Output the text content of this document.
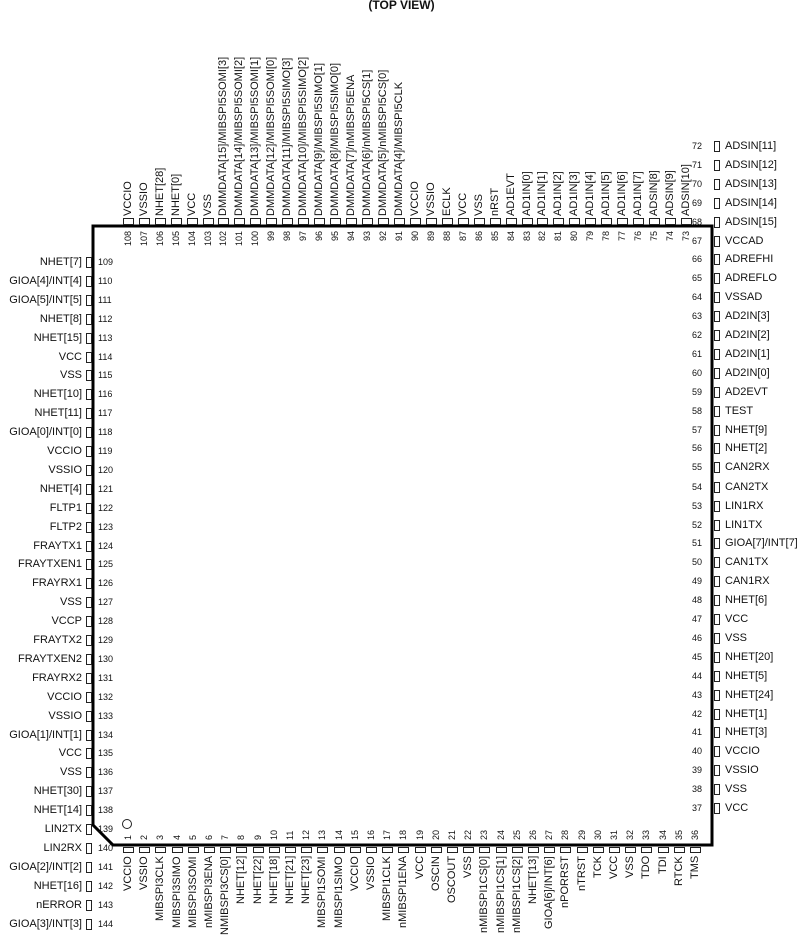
(TOP VIEW)
1
VCCIO
2
VSSIO
3
MIBSPI3CLK
4
MIBSPI3SIMO
5
MIBSPI3SOMI
6
nMIBSPI3ENA
7
NMIBSPI3CS[0]
8
NHET[12]
9
NHET[22]
10
NHET[18]
11
NHET[21]
12
NHET[23]
13
MIBSPI1SOMI
14
MIBSPI1SIMO
15
VCCIO
16
VSSIO
17
MIBSPI1CLK
18
nMIBSPI1ENA
19
VCC
20
OSCIN
21
OSCOUT
22
VSS
23
nMIBSPI1CS[0]
24
nMIBSPI1CS[1]
25
nMIBSPI1CS[2]
26
NHET[13]
27
GIOA[6]/INT[6]
28
nPORRST
29
nTRST
30
TCK
31
VCC
32
VSS
33
TDO
34
TDI
35
RTCK
36
TMS
37 VCC
38 VSS
39 VSSIO
40 VCCIO
41 NHET[3]
42 NHET[1]
43 NHET[24]
44 NHET[5]
45 NHET[20]
46 VSS
47 VCC
48 NHET[6]
49 CAN1RX
50 CAN1TX
51 GIOA[7]/INT[7]
52 LIN1TX
53 LIN1RX
54 CAN2TX
55 CAN2RX
56 NHET[2]
57 NHET[9]
58 TEST
59 AD2EVT
60 AD2IN[0]
61 AD2IN[1]
62 AD2IN[2]
63 AD2IN[3]
64 VSSAD
65 ADREFLO
66 ADREFHI
67 VCCAD
68 ADSIN[15]
69 ADSIN[14]
70 ADSIN[13]
71 ADSIN[12]
72 ADSIN[11]
73
ADSIN[10]
74
ADSIN[9]
75
ADSIN[8]
76
AD1IN[7]
77
AD1IN[6]
78
AD1IN[5]
79
AD1IN[4]
80
AD1IN[3]
81
AD1IN[2]
82
AD1IN[1]
83
AD1IN[0]
84
AD1EVT
85
nRST
86
VSS
87
VCC
88
ECLK
89
VSSIO
90
VCCIO
91
DMMDATA[4]/MIBSPI5CLK
92
DMMDATA[5]/nMIBSPI5CS[0]
93
DMMDATA[6]/nMIBSPI5CS[1]
94
DMMDATA[7]/nMIBSPI5ENA
95
DMMDATA[8]/MIBSPI5SIMO[0]
96
DMMDATA[9]/MIBSPI5SIMO[1]
97
DMMDATA[10]/MIBSPI5SIMO[2]
98
DMMDATA[11]/MIBSPI5SIMO[3]
99
DMMDATA[12]/MIBSPI5SOMI[0]
100
DMMDATA[13]/MIBSPI5SOMI[1]
101
DMMDATA[14]/MIBSPI5SOMI[2]
102
DMMDATA[15]/MIBSPI5SOMI[3]
103
VSS
104
VCC
105
NHET[0]
106
NHET[28]
107
VSSIO
108
VCCIO
109
NHET[7]
110
GIOA[4]/INT[4]
111
GIOA[5]/INT[5]
112
NHET[8]
113
NHET[15]
114
VCC
115
VSS
116
NHET[10]
117
NHET[11]
118
GIOA[0]/INT[0]
119
VCCIO
120
VSSIO
121
NHET[4]
122
FLTP1
123
FLTP2
124
FRAYTX1
125
FRAYTXEN1
126
FRAYRX1
127
VSS
128
VCCP
129
FRAYTX2
130
FRAYTXEN2
131
FRAYRX2
132
VCCIO
133
VSSIO
134
GIOA[1]/INT[1]
135
VCC
136
VSS
137
NHET[30]
138
NHET[14]
139
LIN2TX
140
LIN2RX
141
GIOA[2]/INT[2]
142
NHET[16]
143
nERROR
144
GIOA[3]/INT[3]
